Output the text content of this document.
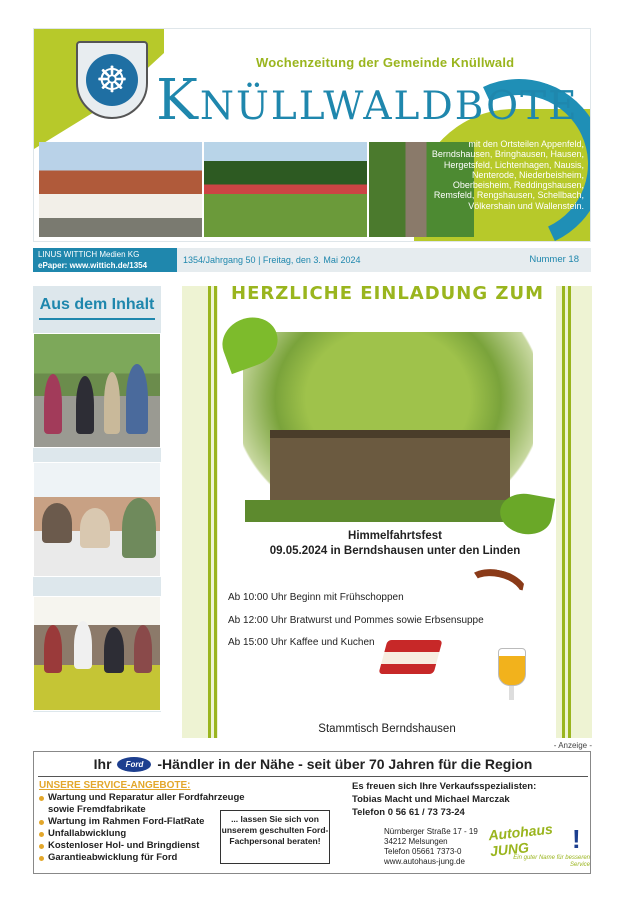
☸	Wochenzeitung der Gemeinde Knüllwald
Knüllwaldbote
mit den Ortsteilen Appenfeld, Berndshausen, Bringhausen, Hausen, Hergetsfeld, Lichtenhagen, Nausis, Nenterode, Niederbeisheim, Oberbeisheim, Reddingshausen, Remsfeld, Rengshausen, Schellbach, Völkershain und Wallenstein.
LINUS WITTICH Medien KG
ePaper: www.wittich.de/1354
1354/Jahrgang 50 | Freitag, den 3. Mai 2024	Nummer 18
Aus dem Inhalt
HERZLICHE EINLADUNG ZUM
Himmelfahrtsfest
09.05.2024 in Berndshausen unter den Linden
Ab 10:00 Uhr Beginn mit Frühschoppen
Ab 12:00 Uhr Bratwurst und Pommes sowie Erbsensuppe
Ab 15:00 Uhr Kaffee und Kuchen
Stammtisch Berndshausen
- Anzeige -
Ihr Ford -Händler in der Nähe - seit über 70 Jahren für die Region
UNSERE SERVICE-ANGEBOTE:
Wartung und Reparatur aller Fordfahrzeuge
sowie Fremdfabrikate
Wartung im Rahmen Ford-FlatRate
Unfallabwicklung
Kostenloser Hol- und Bringdienst
Garantieabwicklung für Ford
... lassen Sie sich von unserem geschulten Ford-Fachpersonal beraten!
Es freuen sich Ihre Verkaufsspezialisten:
Tobias Macht und Michael Marczak
Telefon 0 56 61 / 73 73-24
Nürnberger Straße 17 - 19
34212 Melsungen
Telefon 05661 7373-0
www.autohaus-jung.de
Autohaus JUNG	!
Ein guter Name für besseren Service
